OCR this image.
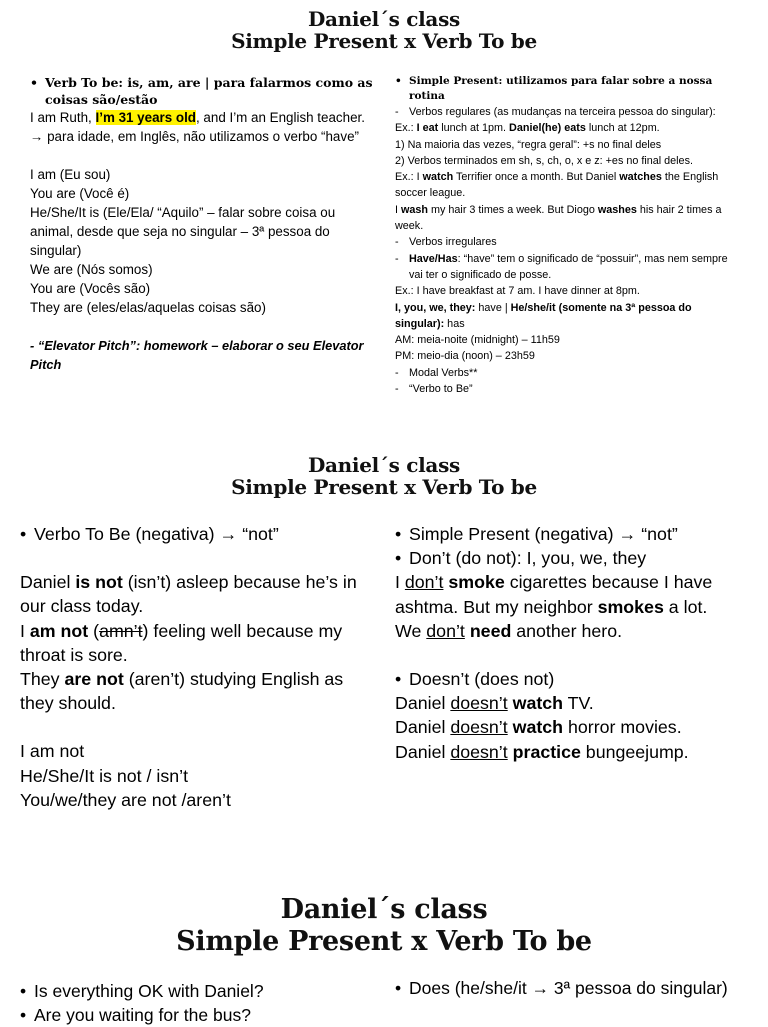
Daniel´s class
Simple Present x Verb To be
• Verb To be: is, am, are | para falarmos como as coisas são/estão

I am Ruth, I’m 31 years old, and I’m an English teacher. → para idade, em Inglês, não utilizamos o verbo “have”

I am (Eu sou)

You are (Você é)

He/She/It is (Ele/Ela/ “Aquilo” – falar sobre coisa ou animal, desde que seja no singular – 3ª pessoa do singular)

We are (Nós somos)

You are (Vocês são)

They are (eles/elas/aquelas coisas são)

- “Elevator Pitch”: homework – elaborar o seu Elevator Pitch

• Simple Present: utilizamos para falar sobre a nossa rotina
- Verbos regulares (as mudanças na terceira pessoa do singular):

Ex.: I eat lunch at 1pm. Daniel(he) eats lunch at 12pm.

1) Na maioria das vezes, “regra geral”: +s no final deles

2) Verbos terminados em sh, s, ch, o, x e z: +es no final deles.

Ex.: I watch Terrifier once a month. But Daniel watches the English soccer league.

I wash my hair 3 times a week. But Diogo washes his hair 2 times a week.

- Verbos irregulares
- Have/Has: “have” tem o significado de “possuir”, mas nem sempre vai ter o significado de posse.

Ex.: I have breakfast at 7 am. I have dinner at 8pm.

I, you, we, they: have | He/she/it (somente na 3ª pessoa do singular): has

AM: meia-noite (midnight) – 11h59

PM: meio-dia (noon) – 23h59

- Modal Verbs**
- “Verbo to Be”
Daniel´s class
Simple Present x Verb To be
• Verbo To Be (negativa) → “not”

Daniel is not (isn’t) asleep because he’s in our class today.

I am not (amn’t) feeling well because my throat is sore.

They are not (aren’t) studying English as they should.

I am not

He/She/It is not / isn’t

You/we/they are not /aren’t

• Simple Present (negativa) → “not”
• Don’t (do not): I, you, we, they

I don’t smoke cigarettes because I have ashtma. But my neighbor smokes a lot.

We don’t need another hero.

• Doesn’t (does not)

Daniel doesn’t watch TV.

Daniel doesn’t watch horror movies.

Daniel doesn’t practice bungeejump.

Daniel´s class
Simple Present x Verb To be
• Is everything OK with Daniel?
• Are you waiting for the bus?
• Does (he/she/it → 3ª pessoa do singular)
